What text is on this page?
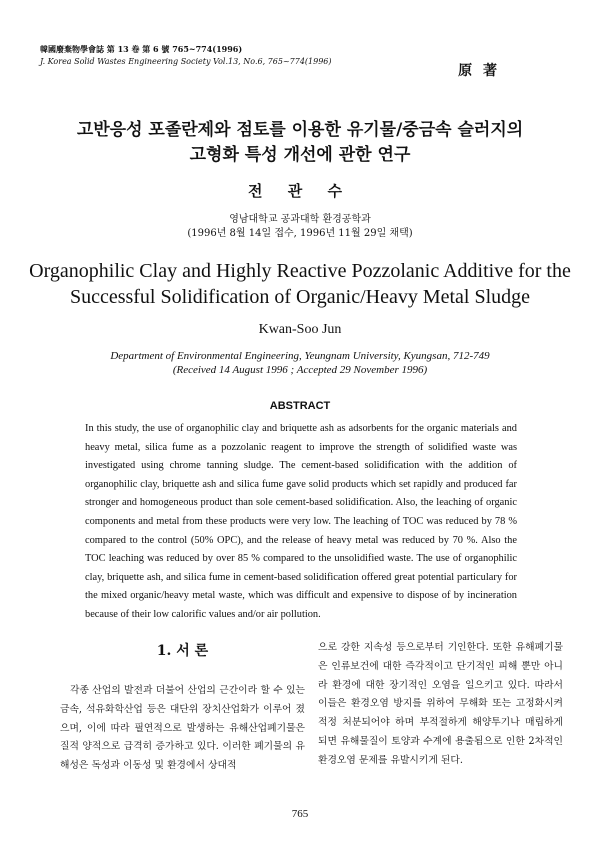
韓國廢棄物學會誌 第 13 卷 第 6 號 765~774(1996)
J. Korea Solid Wastes Engineering Society Vol.13, No.6, 765~774(1996)
原 著
고반응성 포졸란제와 점토를 이용한 유기물/중금속 슬러지의
고형화 특성 개선에 관한 연구
전 관 수
영남대학교 공과대학 환경공학과
(1996년 8월 14일 접수, 1996년 11월 29일 채택)
Organophilic Clay and Highly Reactive Pozzolanic Additive for the
Successful Solidification of Organic/Heavy Metal Sludge
Kwan-Soo Jun
Department of Environmental Engineering, Yeungnam University, Kyungsan, 712-749
(Received 14 August 1996 ; Accepted 29 November 1996)
ABSTRACT
In this study, the use of organophilic clay and briquette ash as adsorbents for the organic materials and heavy metal, silica fume as a pozzolanic reagent to improve the strength of solidified waste was investigated using chrome tanning sludge. The cement-based solidification with the addition of organophilic clay, briquette ash and silica fume gave solid products which set rapidly and produced far stronger and homogeneous product than sole cement-based solidification. Also, the leaching of organic components and metal from these products were very low. The leaching of TOC was reduced by 78 % compared to the control (50% OPC), and the release of heavy metal was reduced by 70 %. Also the TOC leaching was reduced by over 85 % compared to the unsolidified waste. The use of organophilic clay, briquette ash, and silica fume in cement-based solidification offered great potential particulary for the mixed organic/heavy metal waste, which was difficult and expensive to dispose of by incineration because of their low calorific values and/or air pollution.
1. 서 론
각종 산업의 발전과 더불어 산업의 근간이라 할 수 있는 금속, 석유화학산업 등은 대단위 장치산업화가 이루어 졌으며, 이에 따라 필연적으로 발생하는 유해산업폐기물은 질적 양적으로 급격히 증가하고 있다. 이러한 폐기물의 유해성은 독성과 이동성 및 환경에서 상대적
으로 강한 지속성 등으로부터 기인한다. 또한 유해폐기물은 인류보건에 대한 즉각적이고 단기적인 피해 뿐만 아니라 환경에 대한 장기적인 오염을 일으키고 있다. 따라서 이들은 환경오염 방지를 위하여 무해화 또는 고정화시켜 적정 처분되어야 하며 부적절하게 해양투기나 매립하게 되면 유해물질이 토양과 수계에 용출됨으로 인한 2차적인 환경오염 문제를 유발시키게 된다.
765
